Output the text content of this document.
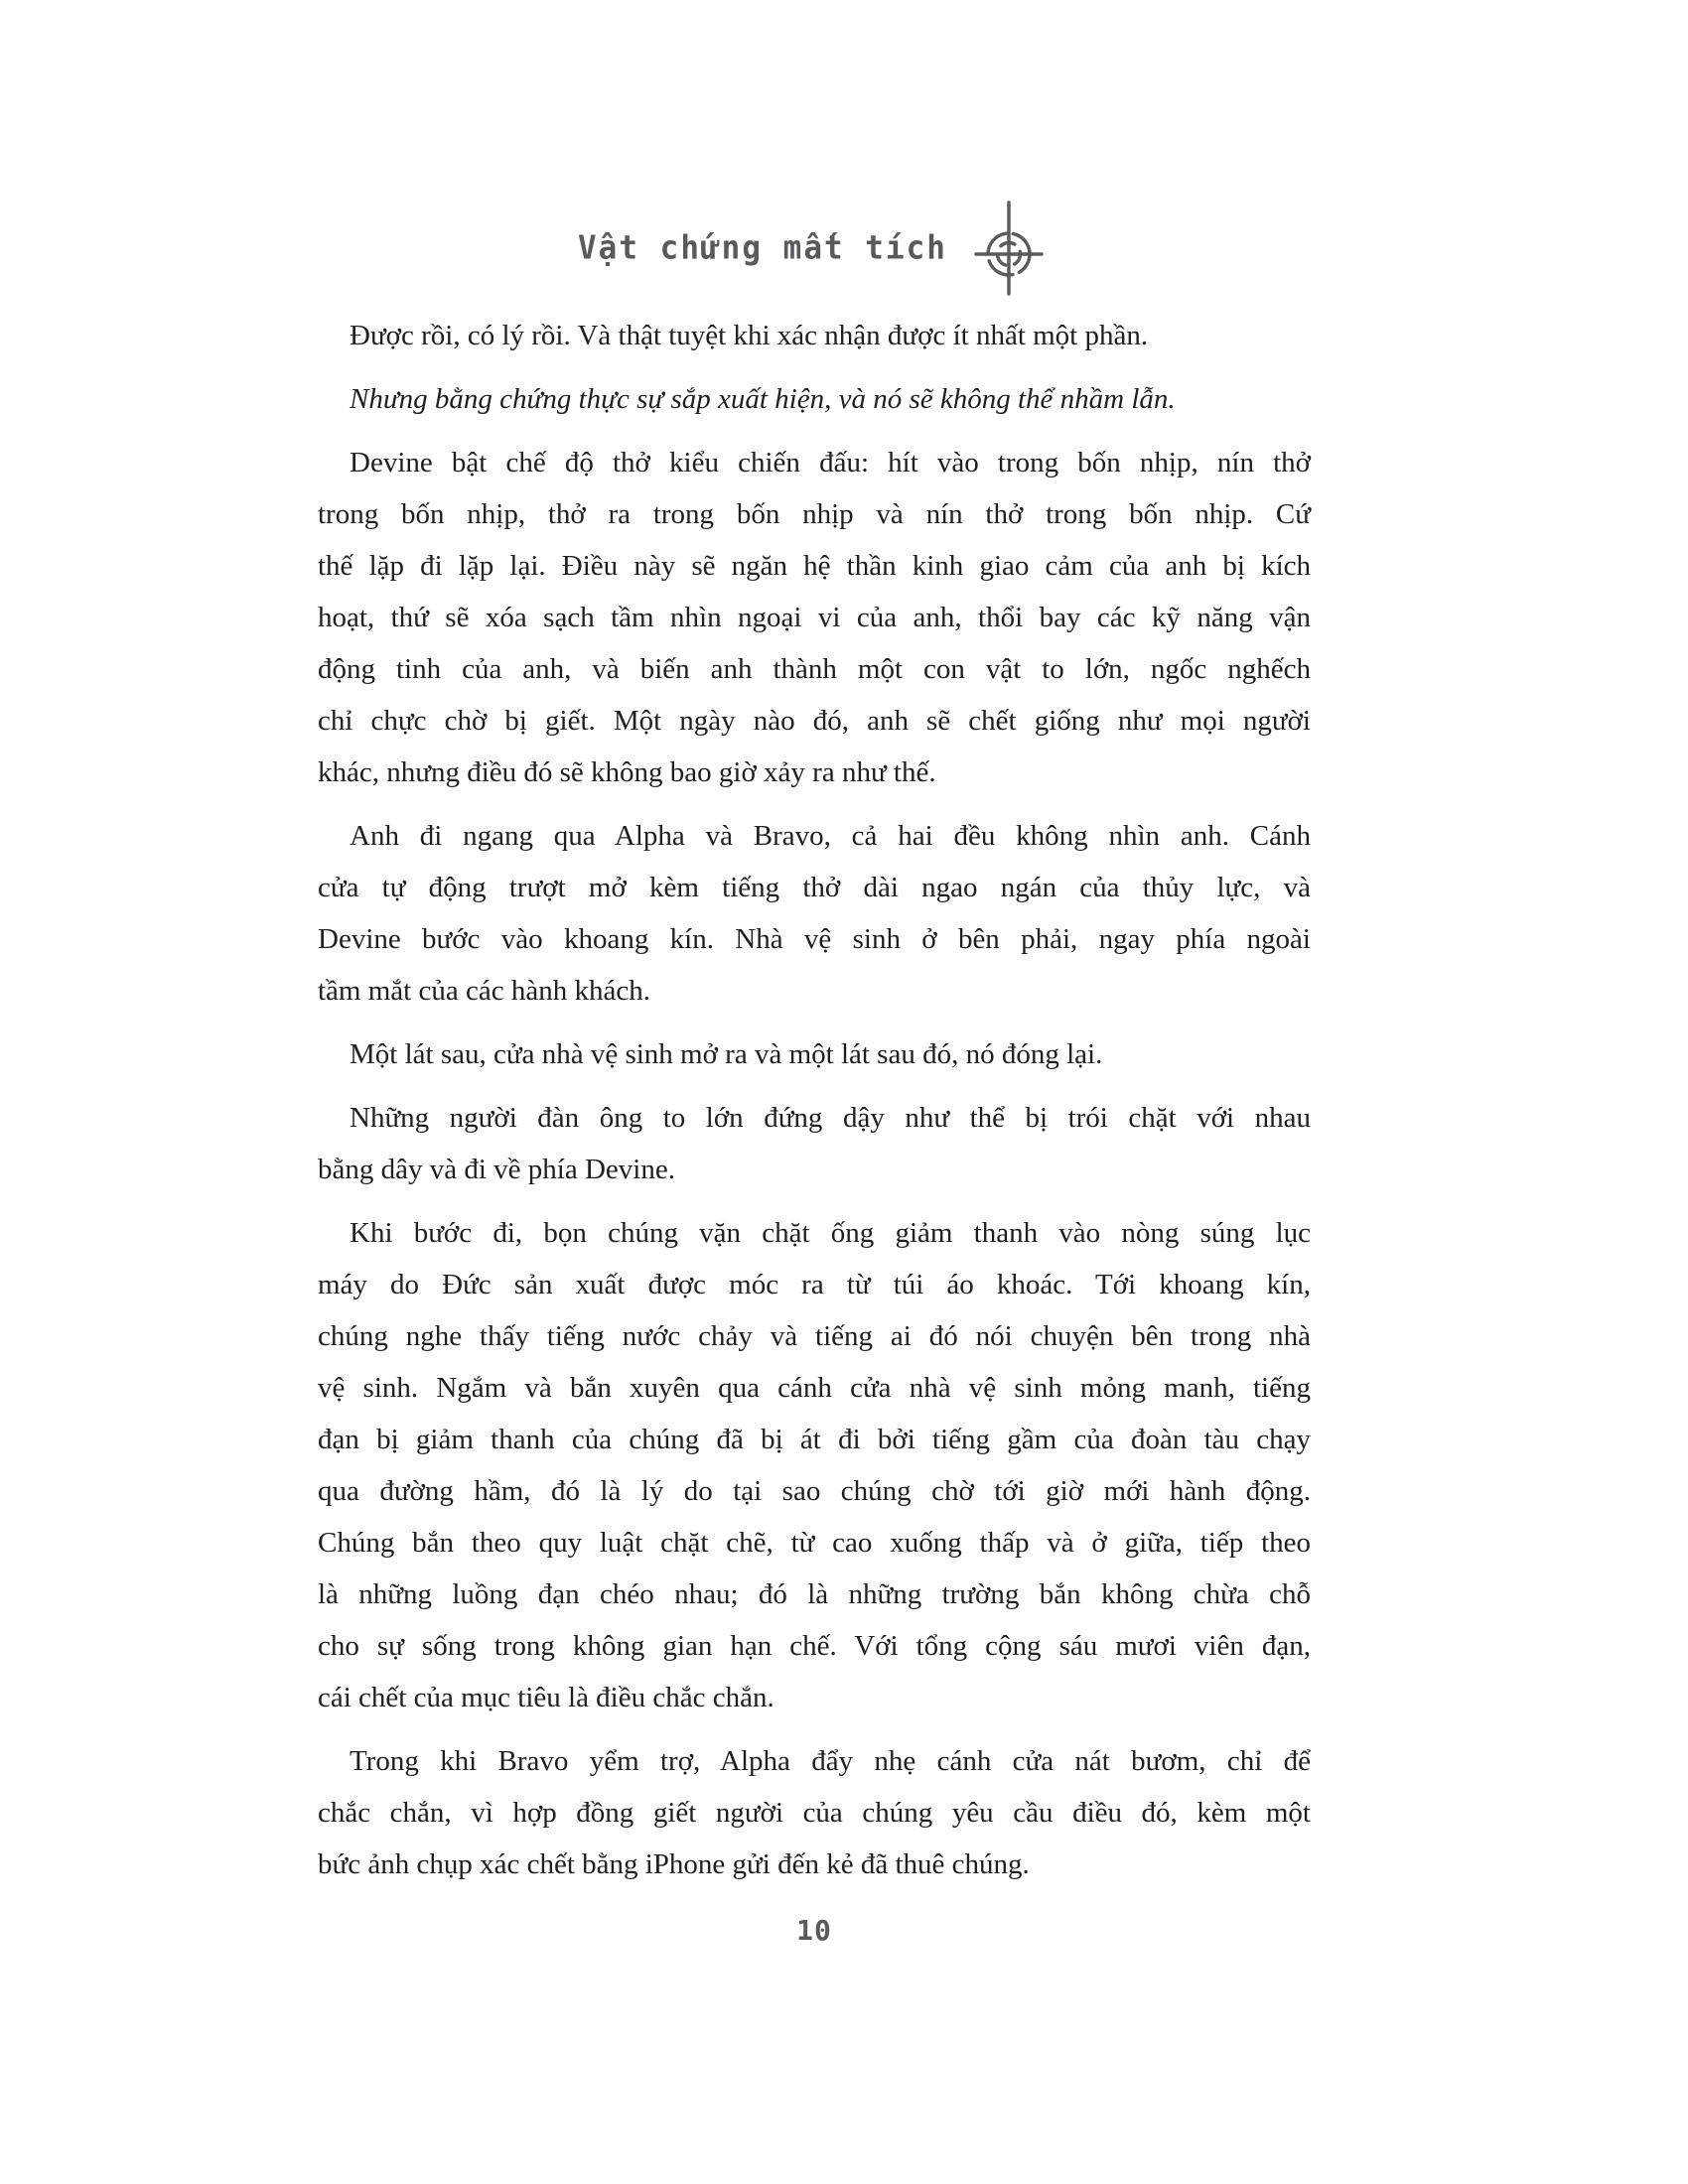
Vật chứng mất tích
Được rồi, có lý rồi. Và thật tuyệt khi xác nhận được ít nhất một phần.
Nhưng bằng chứng thực sự sắp xuất hiện, và nó sẽ không thể nhầm lẫn.
Devine bật chế độ thở kiểu chiến đấu: hít vào trong bốn nhịp, nín thở
trong bốn nhịp, thở ra trong bốn nhịp và nín thở trong bốn nhịp. Cứ
thế lặp đi lặp lại. Điều này sẽ ngăn hệ thần kinh giao cảm của anh bị kích
hoạt, thứ sẽ xóa sạch tầm nhìn ngoại vi của anh, thổi bay các kỹ năng vận
động tinh của anh, và biến anh thành một con vật to lớn, ngốc nghếch
chỉ chực chờ bị giết. Một ngày nào đó, anh sẽ chết giống như mọi người
khác, nhưng điều đó sẽ không bao giờ xảy ra như thế.
Anh đi ngang qua Alpha và Bravo, cả hai đều không nhìn anh. Cánh
cửa tự động trượt mở kèm tiếng thở dài ngao ngán của thủy lực, và
Devine bước vào khoang kín. Nhà vệ sinh ở bên phải, ngay phía ngoài
tầm mắt của các hành khách.
Một lát sau, cửa nhà vệ sinh mở ra và một lát sau đó, nó đóng lại.
Những người đàn ông to lớn đứng dậy như thể bị trói chặt với nhau
bằng dây và đi về phía Devine.
Khi bước đi, bọn chúng vặn chặt ống giảm thanh vào nòng súng lục
máy do Đức sản xuất được móc ra từ túi áo khoác. Tới khoang kín,
chúng nghe thấy tiếng nước chảy và tiếng ai đó nói chuyện bên trong nhà
vệ sinh. Ngắm và bắn xuyên qua cánh cửa nhà vệ sinh mỏng manh, tiếng
đạn bị giảm thanh của chúng đã bị át đi bởi tiếng gầm của đoàn tàu chạy
qua đường hầm, đó là lý do tại sao chúng chờ tới giờ mới hành động.
Chúng bắn theo quy luật chặt chẽ, từ cao xuống thấp và ở giữa, tiếp theo
là những luồng đạn chéo nhau; đó là những trường bắn không chừa chỗ
cho sự sống trong không gian hạn chế. Với tổng cộng sáu mươi viên đạn,
cái chết của mục tiêu là điều chắc chắn.
Trong khi Bravo yểm trợ, Alpha đẩy nhẹ cánh cửa nát bươm, chỉ để
chắc chắn, vì hợp đồng giết người của chúng yêu cầu điều đó, kèm một
bức ảnh chụp xác chết bằng iPhone gửi đến kẻ đã thuê chúng.
10
